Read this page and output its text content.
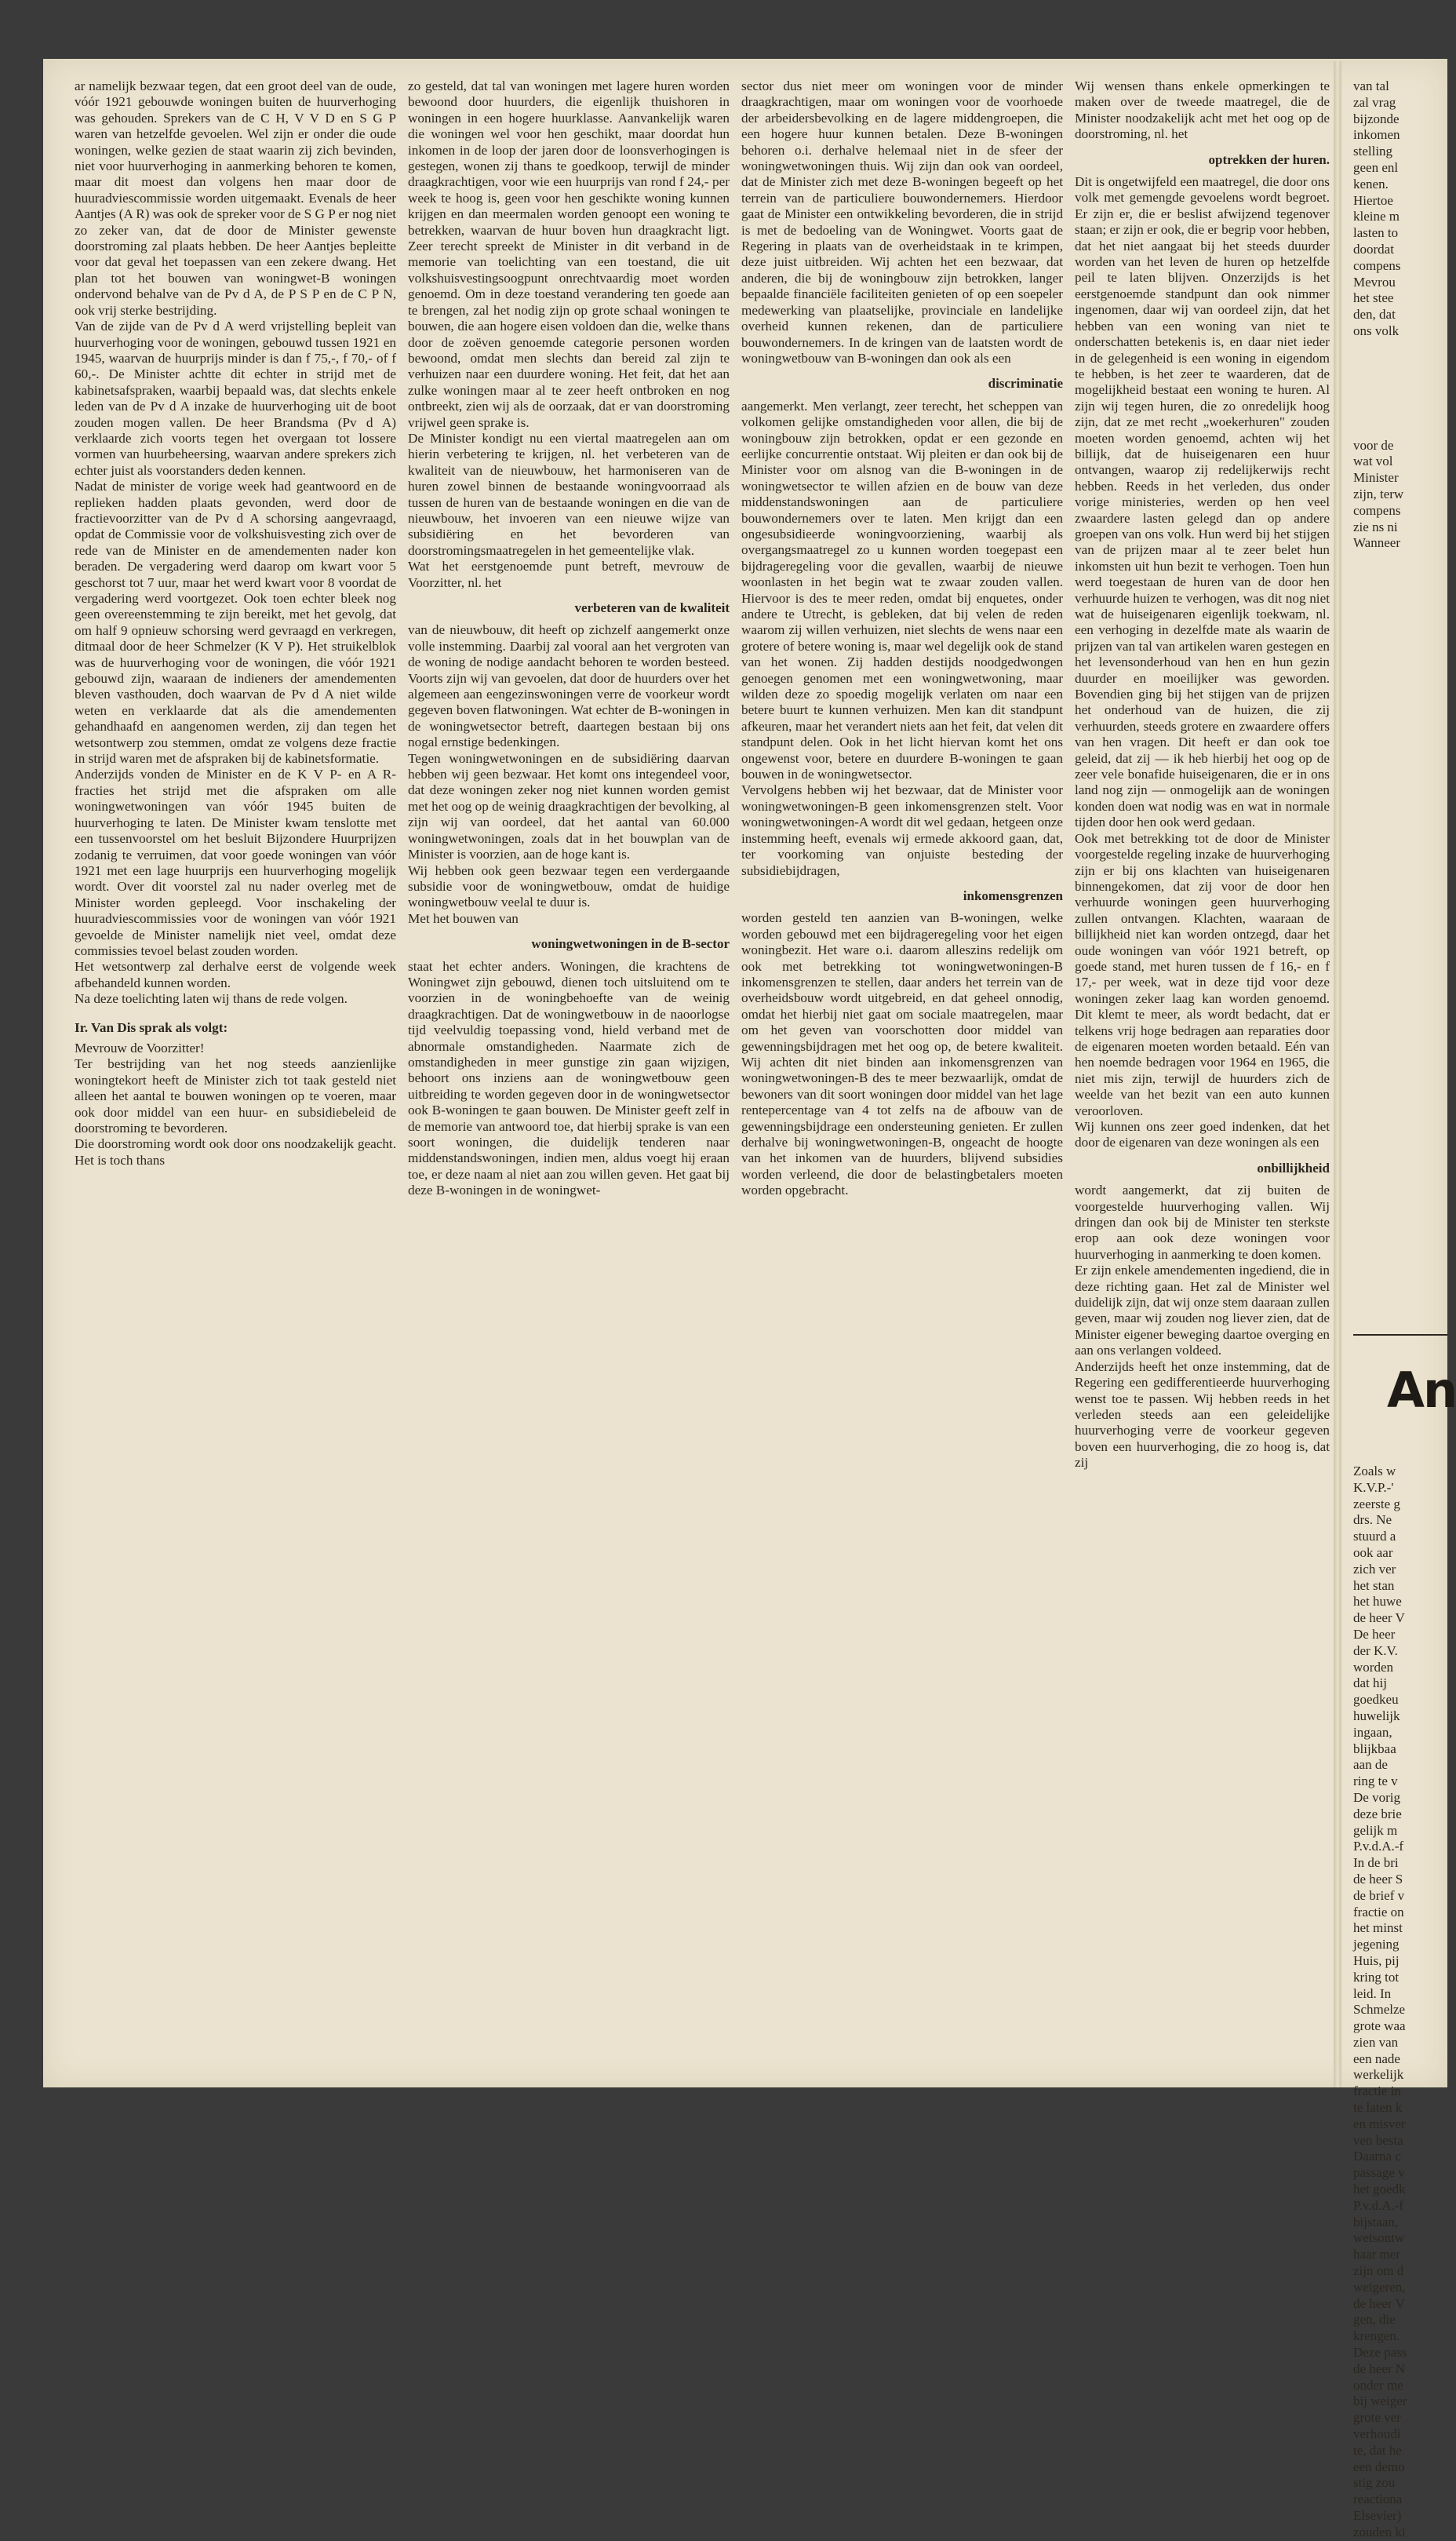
ar namelijk bezwaar tegen, dat een groot deel van de oude, vóór 1921 gebouwde woningen buiten de huurverhoging was gehouden. Sprekers van de C H, V V D en S G P waren van hetzelfde gevoelen. Wel zijn er onder die oude woningen, welke gezien de staat waarin zij zich bevinden, niet voor huurverhoging in aanmerking behoren te komen, maar dit moest dan volgens hen maar door de huuradviescommissie worden uitgemaakt. Evenals de heer Aantjes (A R) was ook de spreker voor de S G P er nog niet zo zeker van, dat de door de Minister gewenste doorstroming zal plaats hebben. De heer Aantjes bepleitte voor dat geval het toepassen van een zekere dwang. Het plan tot het bouwen van woningwet-B woningen ondervond behalve van de Pv d A, de P S P en de C P N, ook vrij sterke bestrijding.

Van de zijde van de Pv d A werd vrijstelling bepleit van huurverhoging voor de woningen, gebouwd tussen 1921 en 1945, waarvan de huurprijs minder is dan f 75,-, f 70,- of f 60,-. De Minister achtte dit echter in strijd met de kabinetsafspraken, waarbij bepaald was, dat slechts enkele leden van de Pv d A inzake de huurverhoging uit de boot zouden mogen vallen. De heer Brandsma (Pv d A) verklaarde zich voorts tegen het overgaan tot lossere vormen van huurbeheersing, waarvan andere sprekers zich echter juist als voorstanders deden kennen.

Nadat de minister de vorige week had geantwoord en de replieken hadden plaats gevonden, werd door de fractievoorzitter van de Pv d A schorsing aangevraagd, opdat de Commissie voor de volkshuisvesting zich over de rede van de Minister en de amendementen nader kon beraden. De vergadering werd daarop om kwart voor 5 geschorst tot 7 uur, maar het werd kwart voor 8 voordat de vergadering werd voortgezet. Ook toen echter bleek nog geen overeenstemming te zijn bereikt, met het gevolg, dat om half 9 opnieuw schorsing werd gevraagd en verkregen, ditmaal door de heer Schmelzer (K V P). Het struikelblok was de huurverhoging voor de woningen, die vóór 1921 gebouwd zijn, waaraan de indieners der amendementen bleven vasthouden, doch waarvan de Pv d A niet wilde weten en verklaarde dat als die amendementen gehandhaafd en aangenomen werden, zij dan tegen het wetsontwerp zou stemmen, omdat ze volgens deze fractie in strijd waren met de afspraken bij de kabinetsformatie.

Anderzijds vonden de Minister en de K V P- en A R-fracties het strijd met die afspraken om alle woningwetwoningen van vóór 1945 buiten de huurverhoging te laten. De Minister kwam tenslotte met een tussenvoorstel om het besluit Bijzondere Huurprijzen zodanig te verruimen, dat voor goede woningen van vóór 1921 met een lage huurprijs een huurverhoging mogelijk wordt. Over dit voorstel zal nu nader overleg met de Minister worden gepleegd. Voor inschakeling der huuradviescommissies voor de woningen van vóór 1921 gevoelde de Minister namelijk niet veel, omdat deze commissies tevoel belast zouden worden.

Het wetsontwerp zal derhalve eerst de volgende week afbehandeld kunnen worden.

Na deze toelichting laten wij thans de rede volgen.

Ir. Van Dis sprak als volgt:

Mevrouw de Voorzitter!

Ter bestrijding van het nog steeds aanzienlijke woningtekort heeft de Minister zich tot taak gesteld niet alleen het aantal te bouwen woningen op te voeren, maar ook door middel van een huur- en subsidiebeleid de doorstroming te bevorderen.

Die doorstroming wordt ook door ons noodzakelijk geacht. Het is toch thans

zo gesteld, dat tal van woningen met lagere huren worden bewoond door huurders, die eigenlijk thuishoren in woningen in een hogere huurklasse. Aanvankelijk waren die woningen wel voor hen geschikt, maar doordat hun inkomen in de loop der jaren door de loonsverhogingen is gestegen, wonen zij thans te goedkoop, terwijl de minder draagkrachtigen, voor wie een huurprijs van rond f 24,- per week te hoog is, geen voor hen geschikte woning kunnen krijgen en dan meermalen worden genoopt een woning te betrekken, waarvan de huur boven hun draagkracht ligt. Zeer terecht spreekt de Minister in dit verband in de memorie van toelichting van een toestand, die uit volkshuisvestingsoogpunt onrechtvaardig moet worden genoemd. Om in deze toestand verandering ten goede aan te brengen, zal het nodig zijn op grote schaal woningen te bouwen, die aan hogere eisen voldoen dan die, welke thans door de zoëven genoemde categorie personen worden bewoond, omdat men slechts dan bereid zal zijn te verhuizen naar een duurdere woning. Het feit, dat het aan zulke woningen maar al te zeer heeft ontbroken en nog ontbreekt, zien wij als de oorzaak, dat er van doorstroming vrijwel geen sprake is.

De Minister kondigt nu een viertal maatregelen aan om hierin verbetering te krijgen, nl. het verbeteren van de kwaliteit van de nieuwbouw, het harmoniseren van de huren zowel binnen de bestaande woningvoorraad als tussen de huren van de bestaande woningen en die van de nieuwbouw, het invoeren van een nieuwe wijze van subsidiëring en het bevorderen van doorstromingsmaatregelen in het gemeentelijke vlak.

Wat het eerstgenoemde punt betreft, mevrouw de Voorzitter, nl. het

verbeteren van de kwaliteit

van de nieuwbouw, dit heeft op zichzelf aangemerkt onze volle instemming. Daarbij zal vooral aan het vergroten van de woning de nodige aandacht behoren te worden besteed. Voorts zijn wij van gevoelen, dat door de huurders over het algemeen aan eengezinswoningen verre de voorkeur wordt gegeven boven flatwoningen. Wat echter de B-woningen in de woningwetsector betreft, daartegen bestaan bij ons nogal ernstige bedenkingen.

Tegen woningwetwoningen en de subsidiëring daarvan hebben wij geen bezwaar. Het komt ons integendeel voor, dat deze woningen zeker nog niet kunnen worden gemist met het oog op de weinig draagkrachtigen der bevolking, al zijn wij van oordeel, dat het aantal van 60.000 woningwetwoningen, zoals dat in het bouwplan van de Minister is voorzien, aan de hoge kant is.

Wij hebben ook geen bezwaar tegen een verdergaande subsidie voor de woningwetbouw, omdat de huidige woningwetbouw veelal te duur is.

Met het bouwen van

woningwetwoningen in de B-sector

staat het echter anders. Woningen, die krachtens de Woningwet zijn gebouwd, dienen toch uitsluitend om te voorzien in de woningbehoefte van de weinig draagkrachtigen. Dat de woningwetbouw in de naoorlogse tijd veelvuldig toepassing vond, hield verband met de abnormale omstandigheden. Naarmate zich de omstandigheden in meer gunstige zin gaan wijzigen, behoort ons inziens aan de woningwetbouw geen uitbreiding te worden gegeven door in de woningwetsector ook B-woningen te gaan bouwen. De Minister geeft zelf in de memorie van antwoord toe, dat hierbij sprake is van een soort woningen, die duidelijk tenderen naar middenstandswoningen, indien men, aldus voegt hij eraan toe, er deze naam al niet aan zou willen geven. Het gaat bij deze B-woningen in de woningwet-

sector dus niet meer om woningen voor de minder draagkrachtigen, maar om woningen voor de voorhoede der arbeidersbevolking en de lagere middengroepen, die een hogere huur kunnen betalen. Deze B-woningen behoren o.i. derhalve helemaal niet in de sfeer der woningwetwoningen thuis. Wij zijn dan ook van oordeel, dat de Minister zich met deze B-woningen begeeft op het terrein van de particuliere bouwondernemers. Hierdoor gaat de Minister een ontwikkeling bevorderen, die in strijd is met de bedoeling van de Woningwet. Voorts gaat de Regering in plaats van de overheidstaak in te krimpen, deze juist uitbreiden. Wij achten het een bezwaar, dat anderen, die bij de woningbouw zijn betrokken, langer bepaalde financiële faciliteiten genieten of op een soepeler medewerking van plaatselijke, provinciale en landelijke overheid kunnen rekenen, dan de particuliere bouwondernemers. In de kringen van de laatsten wordt de woningwetbouw van B-woningen dan ook als een

discriminatie

aangemerkt. Men verlangt, zeer terecht, het scheppen van volkomen gelijke omstandigheden voor allen, die bij de woningbouw zijn betrokken, opdat er een gezonde en eerlijke concurrentie ontstaat. Wij pleiten er dan ook bij de Minister voor om alsnog van die B-woningen in de woningwetsector te willen afzien en de bouw van deze middenstandswoningen aan de particuliere bouwondernemers over te laten. Men krijgt dan een ongesubsidieerde woningvoorziening, waarbij als overgangsmaatregel zo u kunnen worden toegepast een bijdrageregeling voor die gevallen, waarbij de nieuwe woonlasten in het begin wat te zwaar zouden vallen. Hiervoor is des te meer reden, omdat bij enquetes, onder andere te Utrecht, is gebleken, dat bij velen de reden waarom zij willen verhuizen, niet slechts de wens naar een grotere of betere woning is, maar wel degelijk ook de stand van het wonen. Zij hadden destijds noodgedwongen genoegen genomen met een woningwetwoning, maar wilden deze zo spoedig mogelijk verlaten om naar een betere buurt te kunnen verhuizen. Men kan dit standpunt afkeuren, maar het verandert niets aan het feit, dat velen dit standpunt delen. Ook in het licht hiervan komt het ons ongewenst voor, betere en duurdere B-woningen te gaan bouwen in de woningwetsector.

Vervolgens hebben wij het bezwaar, dat de Minister voor woningwetwoningen-B geen inkomensgrenzen stelt. Voor woningwetwoningen-A wordt dit wel gedaan, hetgeen onze instemming heeft, evenals wij ermede akkoord gaan, dat, ter voorkoming van onjuiste besteding der subsidiebijdragen,

inkomensgrenzen

worden gesteld ten aanzien van B-woningen, welke worden gebouwd met een bijdrageregeling voor het eigen woningbezit. Het ware o.i. daarom alleszins redelijk om ook met betrekking tot woningwetwoningen-B inkomensgrenzen te stellen, daar anders het terrein van de overheidsbouw wordt uitgebreid, en dat geheel onnodig, omdat het hierbij niet gaat om sociale maatregelen, maar om het geven van voorschotten door middel van gewenningsbijdragen met het oog op, de betere kwaliteit. Wij achten dit niet binden aan inkomensgrenzen van woningwetwoningen-B des te meer bezwaarlijk, omdat de bewoners van dit soort woningen door middel van het lage rentepercentage van 4 tot zelfs na de afbouw van de gewenningsbijdrage een ondersteuning genieten. Er zullen derhalve bij woningwetwoningen-B, ongeacht de hoogte van het inkomen van de huurders, blijvend subsidies worden verleend, die door de belastingbetalers moeten worden opgebracht.

Wij wensen thans enkele opmerkingen te maken over de tweede maatregel, die de Minister noodzakelijk acht met het oog op de doorstroming, nl. het

optrekken der huren.

Dit is ongetwijfeld een maatregel, die door ons volk met gemengde gevoelens wordt begroet. Er zijn er, die er beslist afwijzend tegenover staan; er zijn er ook, die er begrip voor hebben, dat het niet aangaat bij het steeds duurder worden van het leven de huren op hetzelfde peil te laten blijven. Onzerzijds is het eerstgenoemde standpunt dan ook nimmer ingenomen, daar wij van oordeel zijn, dat het hebben van een woning van niet te onderschatten betekenis is, en daar niet ieder in de gelegenheid is een woning in eigendom te hebben, is het zeer te waarderen, dat de mogelijkheid bestaat een woning te huren. Al zijn wij tegen huren, die zo onredelijk hoog zijn, dat ze met recht „woekerhuren" zouden moeten worden genoemd, achten wij het billijk, dat de huiseigenaren een huur ontvangen, waarop zij redelijkerwijs recht hebben. Reeds in het verleden, dus onder vorige ministeries, werden op hen veel zwaardere lasten gelegd dan op andere groepen van ons volk. Hun werd bij het stijgen van de prijzen maar al te zeer belet hun inkomsten uit hun bezit te verhogen. Toen hun werd toegestaan de huren van de door hen verhuurde huizen te verhogen, was dit nog niet wat de huiseigenaren eigenlijk toekwam, nl. een verhoging in dezelfde mate als waarin de prijzen van tal van artikelen waren gestegen en het levensonderhoud van hen en hun gezin duurder en moeilijker was geworden. Bovendien ging bij het stijgen van de prijzen het onderhoud van de huizen, die zij verhuurden, steeds grotere en zwaardere offers van hen vragen. Dit heeft er dan ook toe geleid, dat zij — ik heb hierbij het oog op de zeer vele bonafide huiseigenaren, die er in ons land nog zijn — onmogelijk aan de woningen konden doen wat nodig was en wat in normale tijden door hen ook werd gedaan.

Ook met betrekking tot de door de Minister voorgestelde regeling inzake de huurverhoging zijn er bij ons klachten van huiseigenaren binnengekomen, dat zij voor de door hen verhuurde woningen geen huurverhoging zullen ontvangen. Klachten, waaraan de billijkheid niet kan worden ontzegd, daar het oude woningen van vóór 1921 betreft, op goede stand, met huren tussen de f 16,- en f 17,- per week, wat in deze tijd voor deze woningen zeker laag kan worden genoemd. Dit klemt te meer, als wordt bedacht, dat er telkens vrij hoge bedragen aan reparaties door de eigenaren moeten worden betaald. Eén van hen noemde bedragen voor 1964 en 1965, die niet mis zijn, terwijl de huurders zich de weelde van het bezit van een auto kunnen veroorloven.

Wij kunnen ons zeer goed indenken, dat het door de eigenaren van deze woningen als een

onbillijkheid

wordt aangemerkt, dat zij buiten de voorgestelde huurverhoging vallen. Wij dringen dan ook bij de Minister ten sterkste erop aan ook deze woningen voor huurverhoging in aanmerking te doen komen.

Er zijn enkele amendementen ingediend, die in deze richting gaan. Het zal de Minister wel duidelijk zijn, dat wij onze stem daaraan zullen geven, maar wij zouden nog liever zien, dat de Minister eigener beweging daartoe overging en aan ons verlangen voldeed.

Anderzijds heeft het onze instemming, dat de Regering een gedifferentieerde huurverhoging wenst toe te passen. Wij hebben reeds in het verleden steeds aan een geleidelijke huurverhoging verre de voorkeur gegeven boven een huurverhoging, die zo hoog is, dat zij

van tal
zal vrag
bijzonde
inkomen
stelling
geen enl
kenen.
Hiertoe
kleine m
lasten to
doordat
compens
Mevrou
het stee
den, dat
ons volk

voor de
wat vol
Minister
zijn, terw
compens
zie ns ni
Wanneer
An
Zoals w
K.V.P.-'
zeerste g
drs. Ne
stuurd a
ook aar
zich ver
het stan
het huwe
de heer V
De heer
der K.V.
worden
dat hij
goedkeu
huwelijk
ingaan,
blijkbaa
aan de
ring te v
De vorig
deze brie
gelijk m
P.v.d.A.-f
In de bri
de heer S
de brief v
fractie on
het minst
jegening
Huis, pij
kring tot
leid. In
Schmelze
grote waa
zien van
een nade
werkelijk
fractie in
te laten k
en misver
ven besta
Daarna c
passage v
het goedk
P.v.d.A.-f
bijstaan,
wetsontw
haar mer
zijn om d
weigeren,
de heer V
gen, die
krengen.
Deze pass
de heer N
onder me
bij weiger
grote ver
verhoudi
te, dat he
een demo
stig zou
reactiona
Elsevier)
zouden ki
